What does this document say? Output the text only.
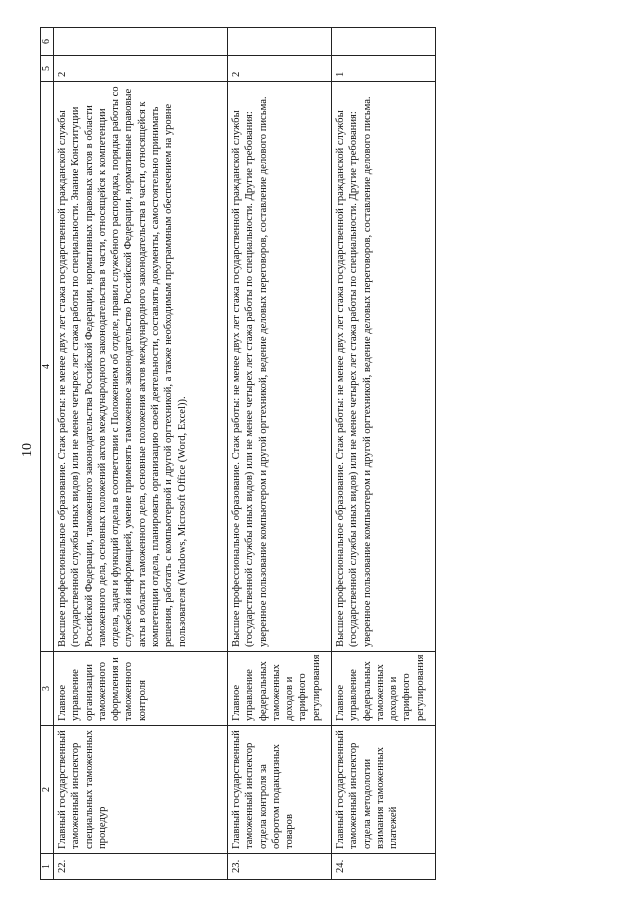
10
1	2	3	4	5	6
22.	Главный государственный таможенный инспектор специальных таможенных процедур	Главное управление организации таможенного оформления и таможенного контроля	Высшее профессиональное образование. Стаж работы: не менее двух лет стажа государственной гражданской службы (государственной службы иных видов) или не менее четырех лет стажа работы по специальности. Знание Конституции Российской Федерации, таможенного законодательства Российской Федерации, нормативных правовых актов в области таможенного дела, основных положений актов международного законодательства в части, относящейся к компетенции отдела, задач и функций отдела в соответствии с Положением об отделе, правил служебного распорядка, порядка работы со служебной информацией, умение применять таможенное законодательство Российской Федерации, нормативные правовые акты в области таможенного дела, основные положения актов международного законодательства в части, относящейся к компетенции отдела, планировать организацию своей деятельности, составлять документы, самостоятельно принимать решения, работать с компьютерной и другой оргтехникой, а также необходимым программным обеспечением на уровне пользователя (Windows, Microsoft Office (Word, Excel)).	2	
23.	Главный государственный таможенный инспектор отдела контроля за оборотом подакцизных товаров	Главное управление федеральных таможенных доходов и тарифного регулирования	Высшее профессиональное образование. Стаж работы: не менее двух лет стажа государственной гражданской службы (государственной службы иных видов) или не менее четырех лет стажа работы по специальности. Другие требования: уверенное пользование компьютером и другой оргтехникой, ведение деловых переговоров, составление делового письма.	2	
24.	Главный государственный таможенный инспектор отдела методологии взимания таможенных платежей	Главное управление федеральных таможенных доходов и тарифного регулирования	Высшее профессиональное образование. Стаж работы: не менее двух лет стажа государственной гражданской службы (государственной службы иных видов) или не менее четырех лет стажа работы по специальности. Другие требования: уверенное пользование компьютером и другой оргтехникой, ведение деловых переговоров, составление делового письма.	1	
